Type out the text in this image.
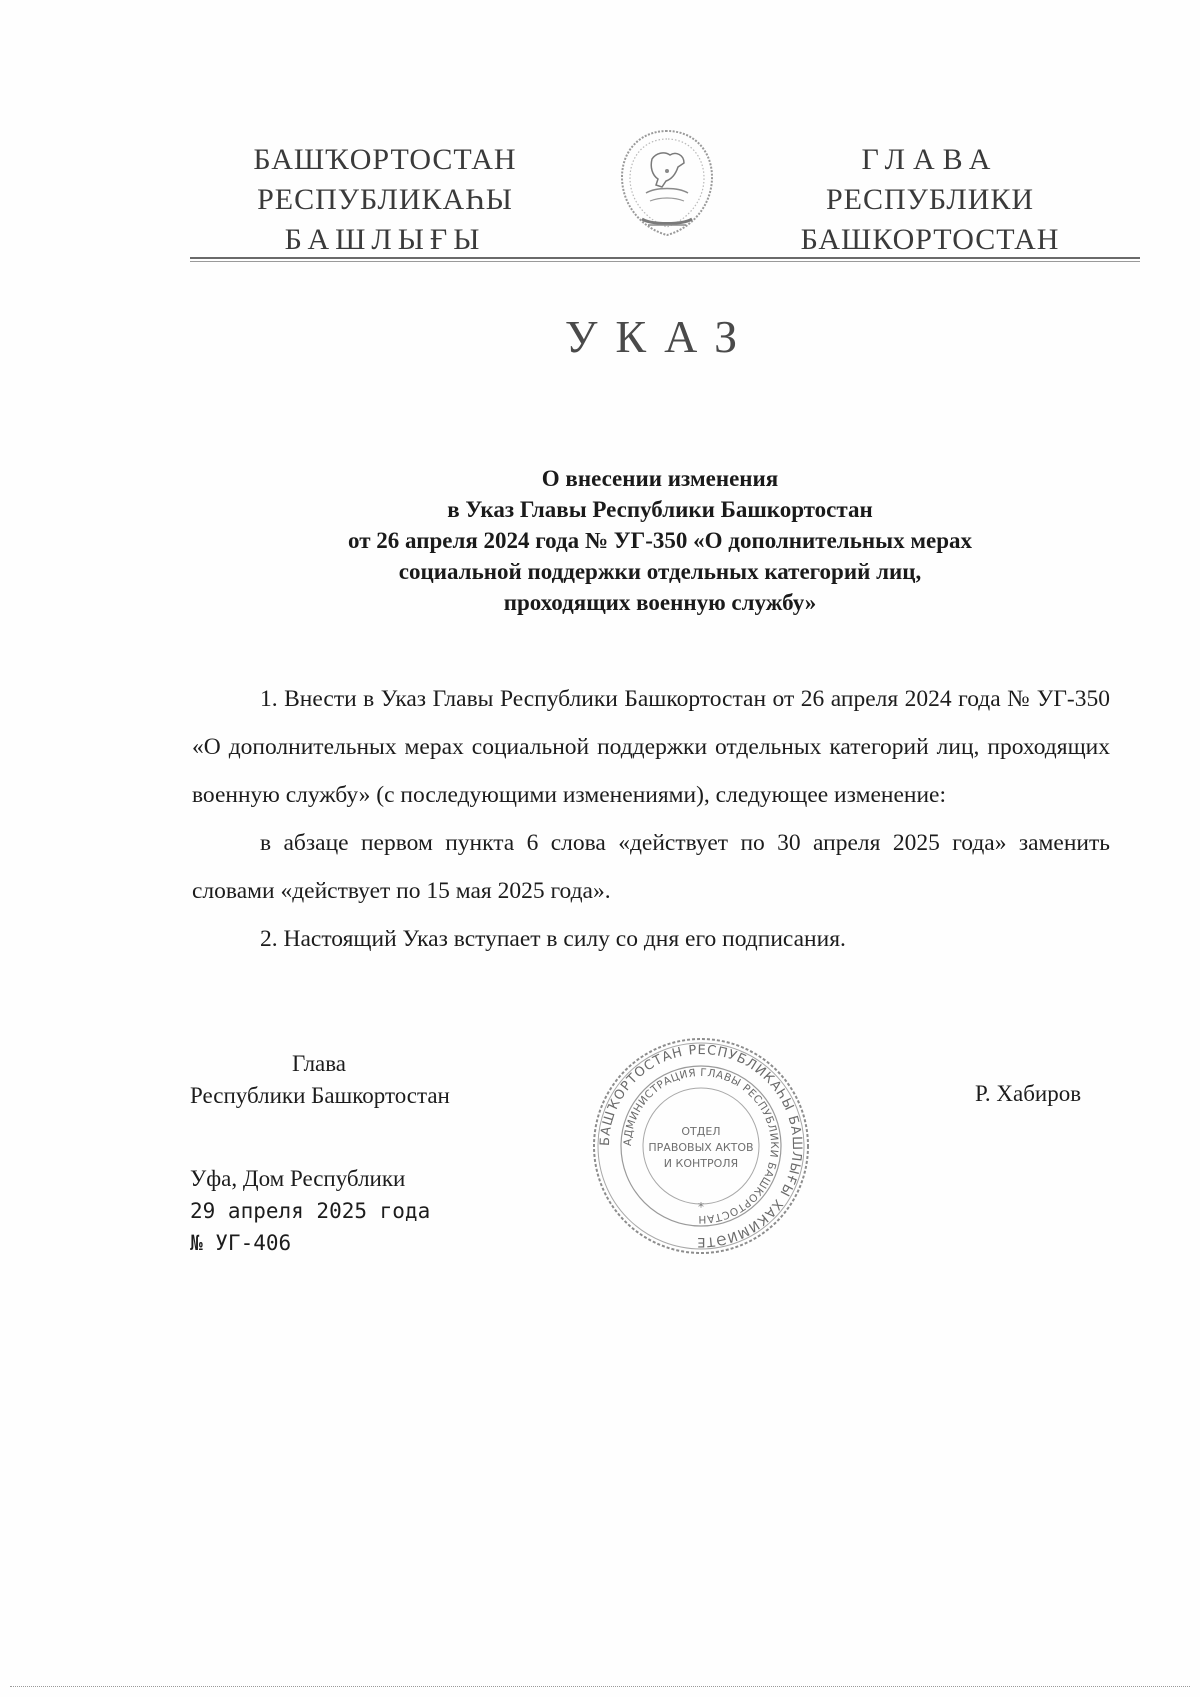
БАШҠОРТОСТАН
РЕСПУБЛИКАҺЫ
БАШЛЫҒЫ
ГЛАВА
РЕСПУБЛИКИ
БАШКОРТОСТАН
УКАЗ
О внесении изменения
в Указ Главы Республики Башкортостан
от 26 апреля 2024 года № УГ-350 «О дополнительных мерах
социальной поддержки отдельных категорий лиц,
проходящих военную службу»

1. Внести в Указ Главы Республики Башкортостан от 26 апреля 2024 года № УГ-350 «О дополнительных мерах социальной поддержки отдельных категорий лиц, проходящих военную службу» (с последующими изменениями), следующее изменение:

в абзаце первом пункта 6 слова «действует по 30 апреля 2025 года» заменить словами «действует по 15 мая 2025 года».

2. Настоящий Указ вступает в силу со дня его подписания.

Глава
Республики Башкортостан	Р. Хабиров
БАШҠОРТОСТАН РЕСПУБЛИКАҺЫ БАШЛЫҒЫ ХАКИМИӘТЕ
АДМИНИСТРАЦИЯ ГЛАВЫ РЕСПУБЛИКИ БАШКОРТОСТАН
ОТДЕЛ
ПРАВОВЫХ АКТОВ
И КОНТРОЛЯ
*
Уфа, Дом Республики
29 апреля 2025 года
№ УГ-406
